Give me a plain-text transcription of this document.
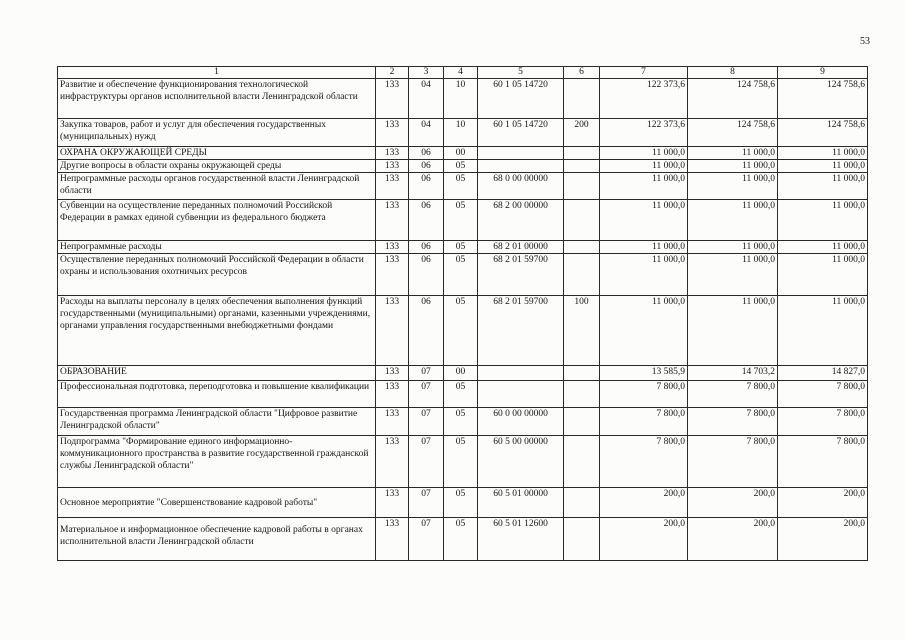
53
1	2	3	4	5	6	7	8	9
Развитие и обеспечение функционирования технологической инфраструктуры органов исполнительной власти Ленинградской области	133	04	10	60 1 05 14720		122 373,6	124 758,6	124 758,6
Закупка товаров, работ и услуг для обеспечения государственных (муниципальных) нужд	133	04	10	60 1 05 14720	200	122 373,6	124 758,6	124 758,6
ОХРАНА ОКРУЖАЮЩЕЙ СРЕДЫ	133	06	00			11 000,0	11 000,0	11 000,0
Другие вопросы в области охраны окружающей среды	133	06	05			11 000,0	11 000,0	11 000,0
Непрограммные расходы органов государственной власти Ленинградской области	133	06	05	68 0 00 00000		11 000,0	11 000,0	11 000,0
Субвенции на осуществление переданных полномочий Российской Федерации в рамках единой субвенции из федерального бюджета	133	06	05	68 2 00 00000		11 000,0	11 000,0	11 000,0
Непрограммные расходы	133	06	05	68 2 01 00000		11 000,0	11 000,0	11 000,0
Осуществление переданных полномочий Российской Федерации в области охраны и использования охотничьих ресурсов	133	06	05	68 2 01 59700		11 000,0	11 000,0	11 000,0
Расходы на выплаты персоналу в целях обеспечения выполнения функций государственными (муниципальными) органами, казенными учреждениями, органами управления государственными внебюджетными фондами	133	06	05	68 2 01 59700	100	11 000,0	11 000,0	11 000,0
ОБРАЗОВАНИЕ	133	07	00			13 585,9	14 703,2	14 827,0
Профессиональная подготовка, переподготовка и повышение квалификации	133	07	05			7 800,0	7 800,0	7 800,0
Государственная программа Ленинградской области "Цифровое развитие Ленинградской области"	133	07	05	60 0 00 00000		7 800,0	7 800,0	7 800,0
Подпрограмма "Формирование единого информационно-коммуникационного пространства в развитие государственной гражданской службы Ленинградской области"	133	07	05	60 5 00 00000		7 800,0	7 800,0	7 800,0
Основное мероприятие "Совершенствование кадровой работы"	133	07	05	60 5 01 00000		200,0	200,0	200,0
Материальное и информационное обеспечение кадровой работы в органах исполнительной власти Ленинградской области	133	07	05	60 5 01 12600		200,0	200,0	200,0
